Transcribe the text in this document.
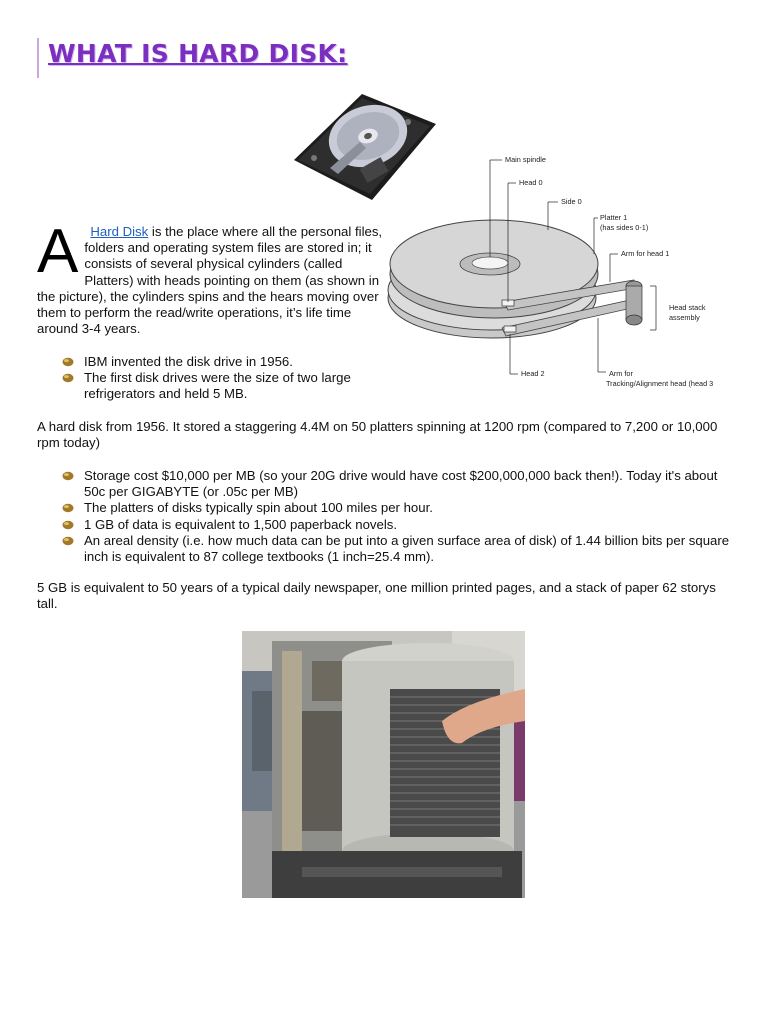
WHAT IS HARD DISK:
Main spindle
Head 0
Side 0
Platter 1
(has sides 0-1)
Arm for head 1
Head stack
assembly
Head 2	Arm for
Tracking/Alignment head (head 3
A Hard Disk is the place where all the personal files, folders and operating system files are stored in; it consists of several physical cylinders (called Platters) with heads pointing on them (as shown in the picture), the cylinders spins and the hears moving over them to perform the read/write operations, it’s life time around 3-4 years.
IBM invented the disk drive in 1956.
The first disk drives were the size of two large refrigerators and held 5 MB.
A hard disk from 1956. It stored a staggering 4.4M on 50 platters spinning at 1200 rpm (compared to 7,200 or 10,000 rpm today)
Storage cost $10,000 per MB (so your 20G drive would have cost $200,000,000 back then!). Today it's about 50c per GIGABYTE (or .05c per MB)
The platters of disks typically spin about 100 miles per hour.
1 GB of data is equivalent to 1,500 paperback novels.
An areal density (i.e. how much data can be put into a given surface area of disk) of 1.44 billion bits per square inch is equivalent to 87 college textbooks (1 inch=25.4 mm).
5 GB is equivalent to 50 years of a typical daily newspaper, one million printed pages, and a stack of paper 62 storys tall.
